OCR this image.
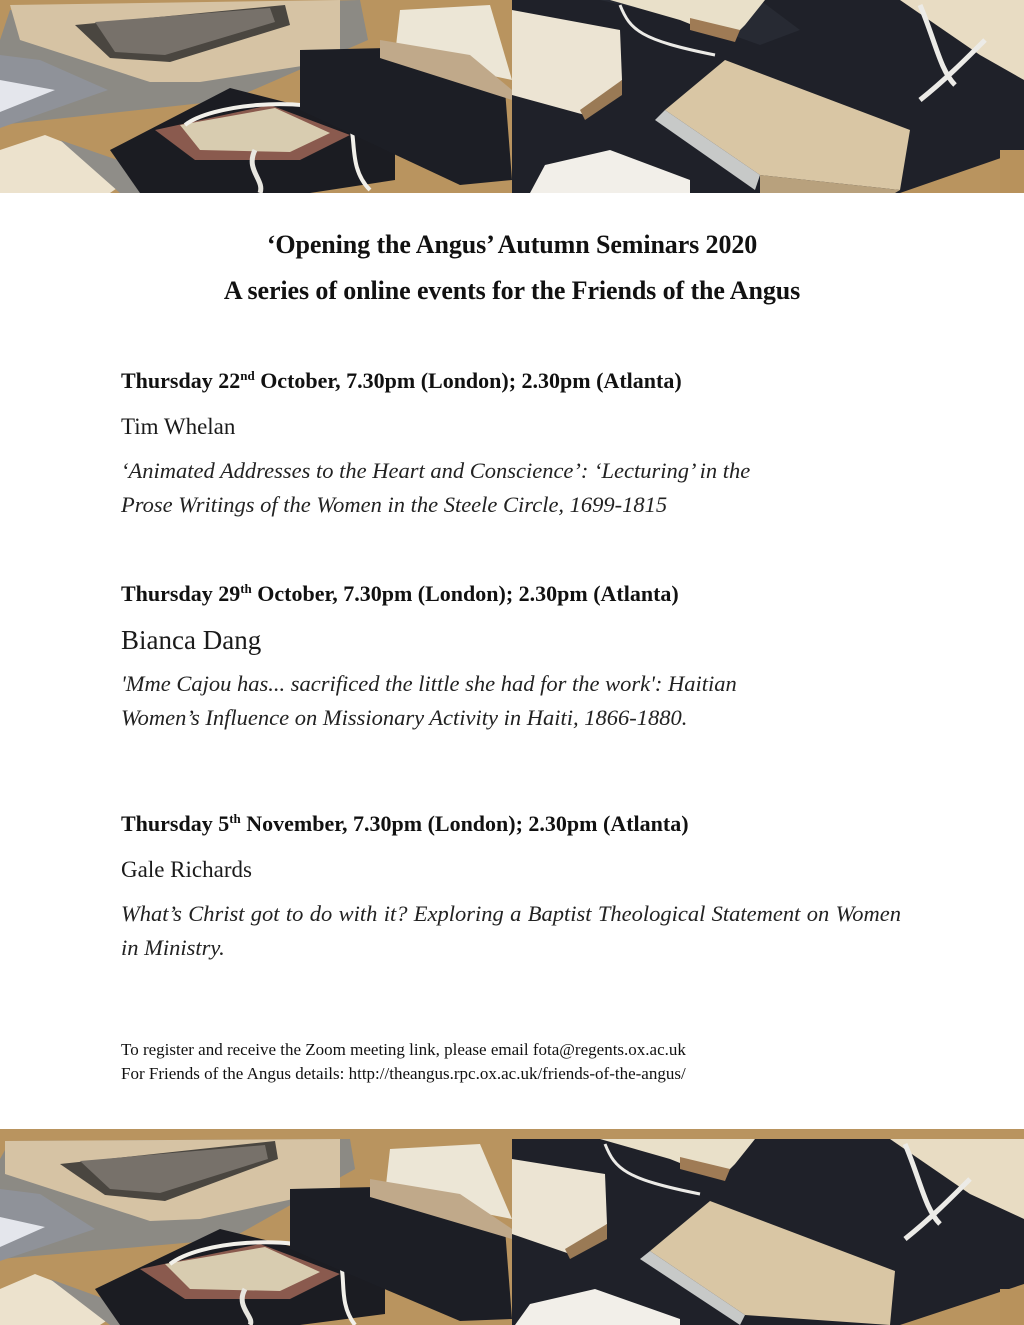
‘Opening the Angus’ Autumn Seminars 2020
A series of online events for the Friends of the Angus
Thursday 22nd October, 7.30pm (London); 2.30pm (Atlanta)
Tim Whelan
‘Animated Addresses to the Heart and Conscience’: ‘Lecturing’ in the
Prose Writings of the Women in the Steele Circle, 1699-1815
Thursday 29th October, 7.30pm (London); 2.30pm (Atlanta)
Bianca Dang
'Mme Cajou has... sacrificed the little she had for the work': Haitian
Women’s Influence on Missionary Activity in Haiti, 1866-1880.
Thursday 5th November, 7.30pm (London); 2.30pm (Atlanta)
Gale Richards
What’s Christ got to do with it? Exploring a Baptist Theological Statement on Women in Ministry.
To register and receive the Zoom meeting link, please email fota@regents.ox.ac.uk
For Friends of the Angus details: http://theangus.rpc.ox.ac.uk/friends-of-the-angus/
